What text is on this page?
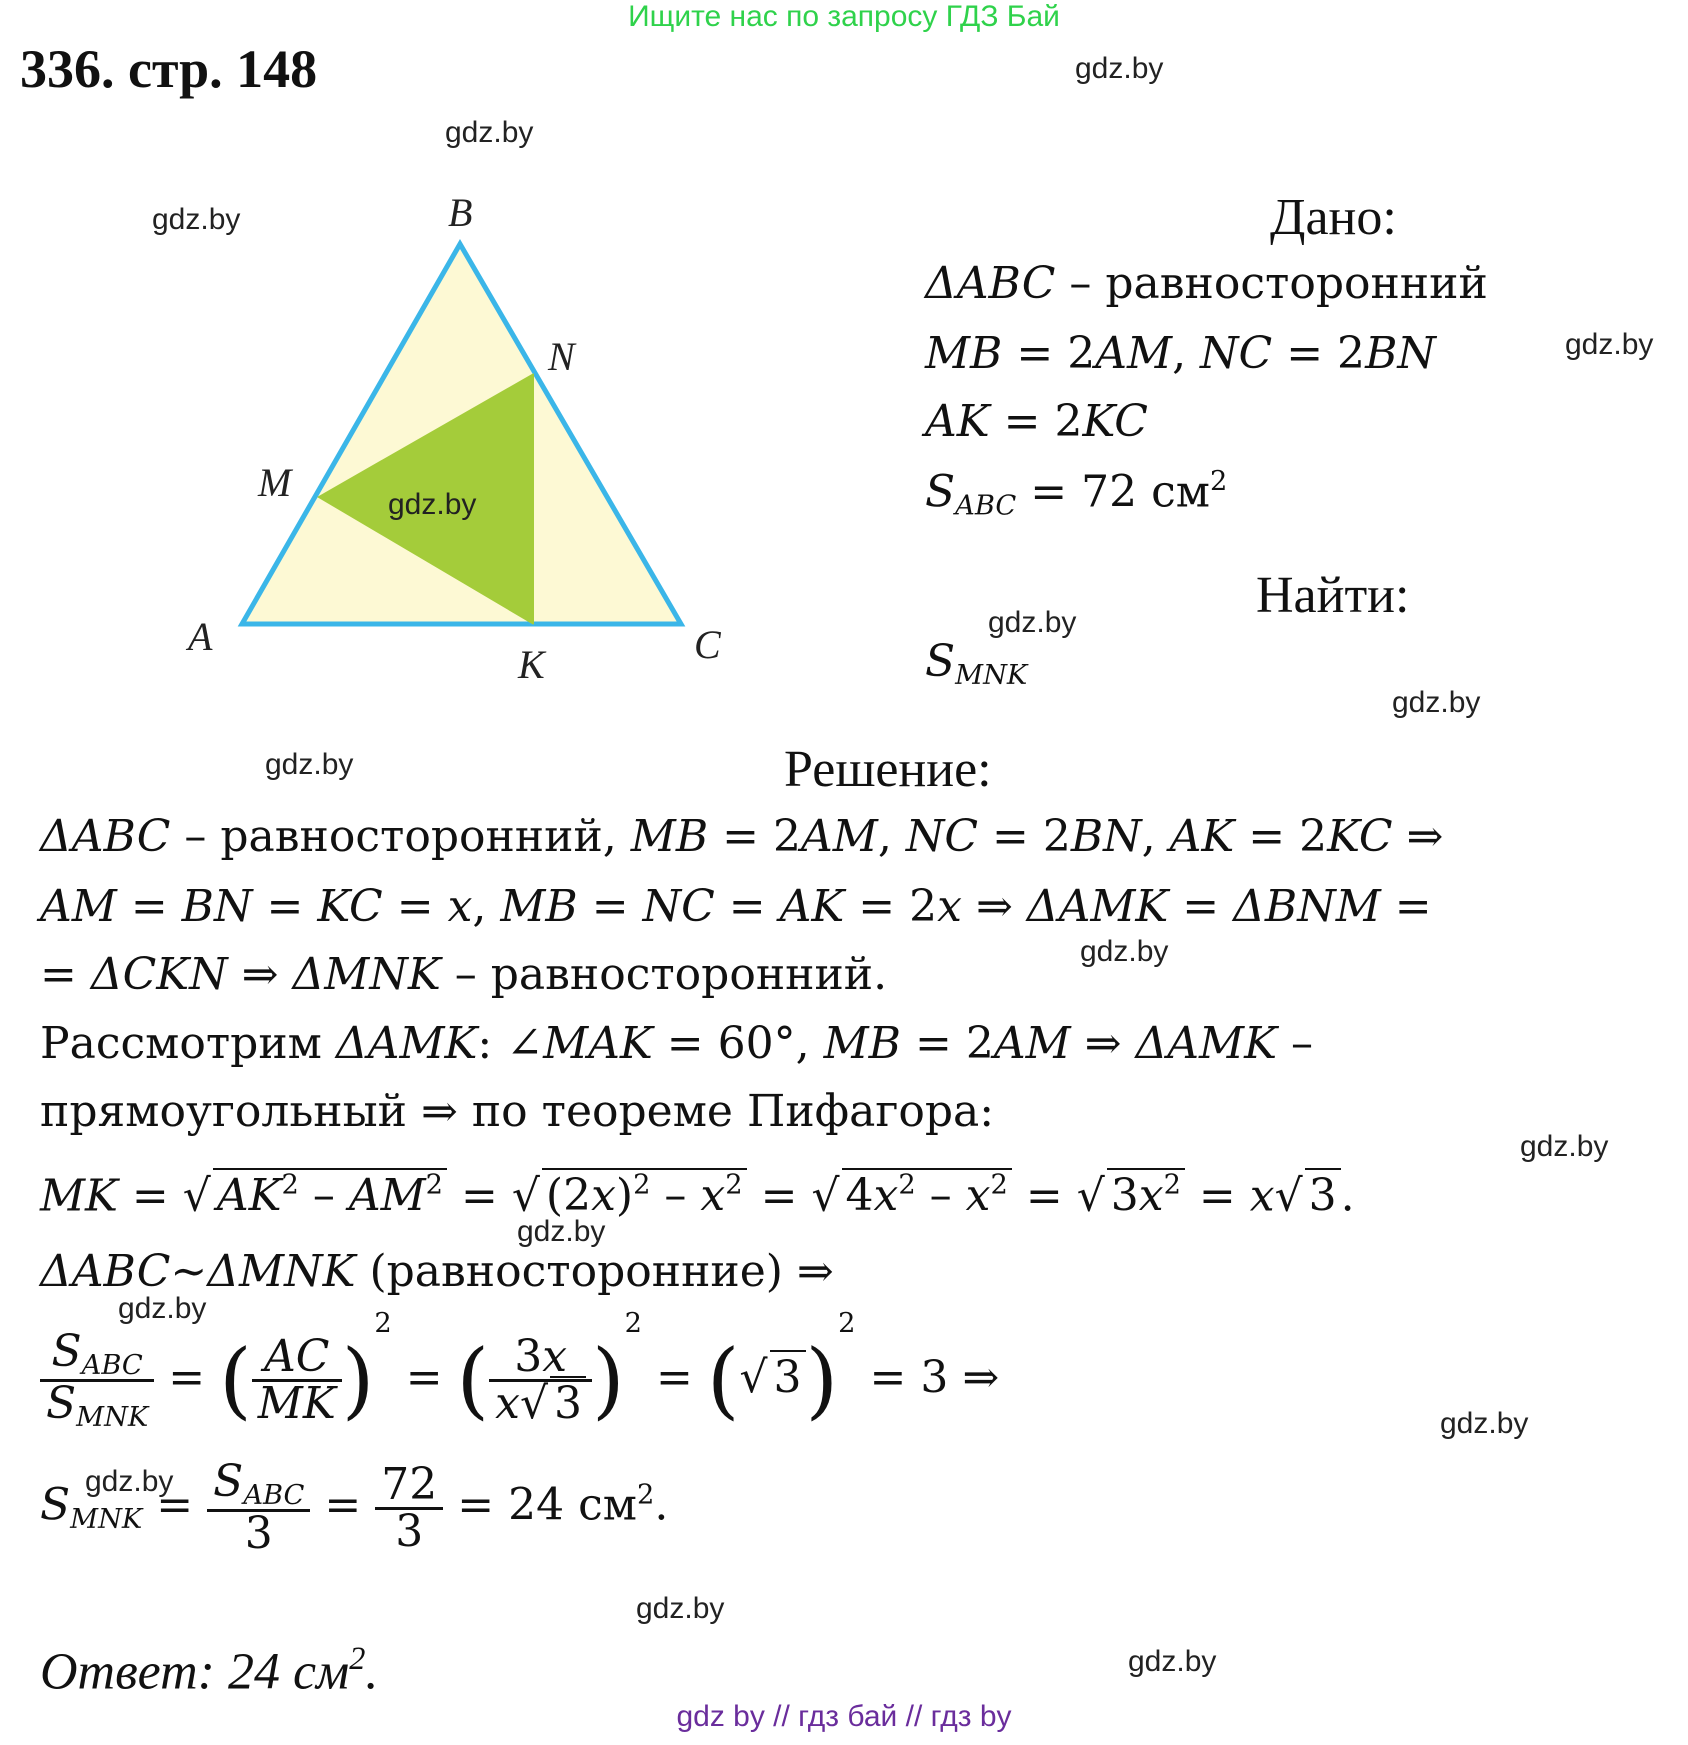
Ищите нас по запросу ГДЗ Бай
336. стр. 148	gdz.by
gdz.by
gdz.by
gdz.by
gdz.by
gdz.by
gdz.by
gdz.by
gdz.by
gdz.by
gdz.by
gdz.by
gdz.by
gdz.by
gdz.by
B
N
M
A
K	C
gdz.by
Дано:
ΔABC – равносторонний
MB = 2AM, NC = 2BN
AK = 2KC
$S_{ABC} = 72$ $см^2$
Найти:
$S_{MNK}$
Решение:
ΔABC – равносторонний, MB = 2AM, NC = 2BN, AK = 2KC ⇒
AM = BN = KC = x, MB = NC = AK = 2x ⇒ ΔAMK = ΔBNM =
= ΔCKN ⇒ ΔMNK – равносторонний.
Рассмотрим ΔAMK: ∠MAK = 60°, MB = 2AM ⇒ ΔAMK –
прямоугольный ⇒ по теореме Пифагора:
MK = √ $AK^2 - AM^2$ = √ $(2x)^2 - x^2$ = √ $4x^2 - x^2$ = √ $3x^2 = x√$ 3.
ΔABC~ΔMNK (равносторонние) ⇒
$\frac{S_{ABC}}{S_{MNK}}$ = ( $\frac{AC}{MK} )^2$ = ( $\frac{3x}{x√ 3} )^2$ = (√ 3)$^2$ = 3 ⇒
$S_{MNK} = \frac{S_{ABC}}{3} = \frac{72}{3} = 24$ $см^2$.
Ответ: 24 $см^2$.
gdz by // гдз бай // гдз by
